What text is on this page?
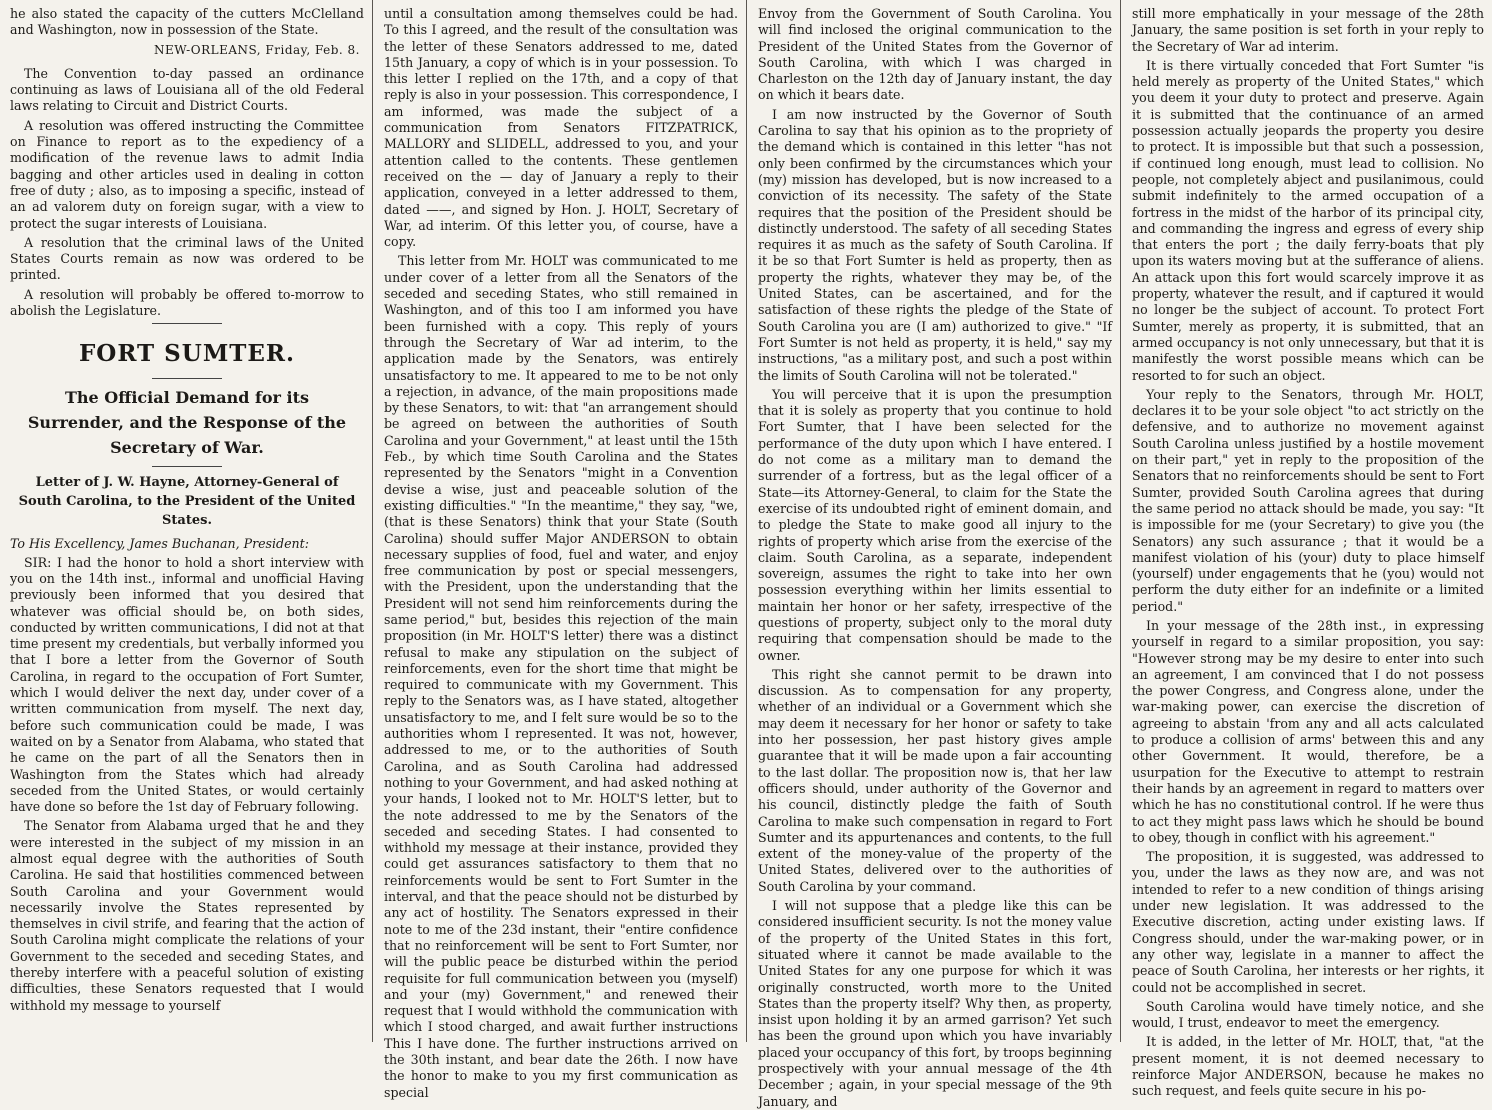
he also stated the capacity of the cutters McClelland and Washington, now in possession of the State.

NEW-ORLEANS, Friday, Feb. 8.

The Convention to-day passed an ordinance continuing as laws of Louisiana all of the old Federal laws relating to Circuit and District Courts.

A resolution was offered instructing the Committee on Finance to report as to the expediency of a modification of the revenue laws to admit India bagging and other articles used in dealing in cotton free of duty ; also, as to imposing a specific, instead of an ad valorem duty on foreign sugar, with a view to protect the sugar interests of Louisiana.

A resolution that the criminal laws of the United States Courts remain as now was ordered to be printed.

A resolution will probably be offered to-morrow to abolish the Legislature.

FORT SUMTER.
The Official Demand for its Surrender, and the Response of the Secretary of War.
Letter of J. W. Hayne, Attorney-General of South Carolina, to the President of the United States.

To His Excellency, James Buchanan, President:

SIR: I had the honor to hold a short interview with you on the 14th inst., informal and unofficial Having previously been informed that you desired that whatever was official should be, on both sides, conducted by written communications, I did not at that time present my credentials, but verbally informed you that I bore a letter from the Governor of South Carolina, in regard to the occupation of Fort Sumter, which I would deliver the next day, under cover of a written communication from myself. The next day, before such communication could be made, I was waited on by a Senator from Alabama, who stated that he came on the part of all the Senators then in Washington from the States which had already seceded from the United States, or would certainly have done so before the 1st day of February following.

The Senator from Alabama urged that he and they were interested in the subject of my mission in an almost equal degree with the authorities of South Carolina. He said that hostilities commenced between South Carolina and your Government would necessarily involve the States represented by themselves in civil strife, and fearing that the action of South Carolina might complicate the relations of your Government to the seceded and seceding States, and thereby interfere with a peaceful solution of existing difficulties, these Senators requested that I would withhold my message to yourself

until a consultation among themselves could be had. To this I agreed, and the result of the consultation was the letter of these Senators addressed to me, dated 15th January, a copy of which is in your possession. To this letter I replied on the 17th, and a copy of that reply is also in your possession. This correspondence, I am informed, was made the subject of a communication from Senators FITZPATRICK, MALLORY and SLIDELL, addressed to you, and your attention called to the contents. These gentlemen received on the — day of January a reply to their application, conveyed in a letter addressed to them, dated ——, and signed by Hon. J. HOLT, Secretary of War, ad interim. Of this letter you, of course, have a copy.

This letter from Mr. HOLT was communicated to me under cover of a letter from all the Senators of the seceded and seceding States, who still remained in Washington, and of this too I am informed you have been furnished with a copy. This reply of yours through the Secretary of War ad interim, to the application made by the Senators, was entirely unsatisfactory to me. It appeared to me to be not only a rejection, in advance, of the main propositions made by these Senators, to wit: that "an arrangement should be agreed on between the authorities of South Carolina and your Government," at least until the 15th Feb., by which time South Carolina and the States represented by the Senators "might in a Convention devise a wise, just and peaceable solution of the existing difficulties." "In the meantime," they say, "we, (that is these Senators) think that your State (South Carolina) should suffer Major ANDERSON to obtain necessary supplies of food, fuel and water, and enjoy free communication by post or special messengers, with the President, upon the understanding that the President will not send him reinforcements during the same period," but, besides this rejection of the main proposition (in Mr. HOLT'S letter) there was a distinct refusal to make any stipulation on the subject of reinforcements, even for the short time that might be required to communicate with my Government. This reply to the Senators was, as I have stated, altogether unsatisfactory to me, and I felt sure would be so to the authorities whom I represented. It was not, however, addressed to me, or to the authorities of South Carolina, and as South Carolina had addressed nothing to your Government, and had asked nothing at your hands, I looked not to Mr. HOLT'S letter, but to the note addressed to me by the Senators of the seceded and seceding States. I had consented to withhold my message at their instance, provided they could get assurances satisfactory to them that no reinforcements would be sent to Fort Sumter in the interval, and that the peace should not be disturbed by any act of hostility. The Senators expressed in their note to me of the 23d instant, their "entire confidence that no reinforcement will be sent to Fort Sumter, nor will the public peace be disturbed within the period requisite for full communication between you (myself) and your (my) Government," and renewed their request that I would withhold the communication with which I stood charged, and await further instructions This I have done. The further instructions arrived on the 30th instant, and bear date the 26th. I now have the honor to make to you my first communication as special

Envoy from the Government of South Carolina. You will find inclosed the original communication to the President of the United States from the Governor of South Carolina, with which I was charged in Charleston on the 12th day of January instant, the day on which it bears date.

I am now instructed by the Governor of South Carolina to say that his opinion as to the propriety of the demand which is contained in this letter "has not only been confirmed by the circumstances which your (my) mission has developed, but is now increased to a conviction of its necessity. The safety of the State requires that the position of the President should be distinctly understood. The safety of all seceding States requires it as much as the safety of South Carolina. If it be so that Fort Sumter is held as property, then as property the rights, whatever they may be, of the United States, can be ascertained, and for the satisfaction of these rights the pledge of the State of South Carolina you are (I am) authorized to give." "If Fort Sumter is not held as property, it is held," say my instructions, "as a military post, and such a post within the limits of South Carolina will not be tolerated."

You will perceive that it is upon the presumption that it is solely as property that you continue to hold Fort Sumter, that I have been selected for the performance of the duty upon which I have entered. I do not come as a military man to demand the surrender of a fortress, but as the legal officer of a State—its Attorney-General, to claim for the State the exercise of its undoubted right of eminent domain, and to pledge the State to make good all injury to the rights of property which arise from the exercise of the claim. South Carolina, as a separate, independent sovereign, assumes the right to take into her own possession everything within her limits essential to maintain her honor or her safety, irrespective of the questions of property, subject only to the moral duty requiring that compensation should be made to the owner.

This right she cannot permit to be drawn into discussion. As to compensation for any property, whether of an individual or a Government which she may deem it necessary for her honor or safety to take into her possession, her past history gives ample guarantee that it will be made upon a fair accounting to the last dollar. The proposition now is, that her law officers should, under authority of the Governor and his council, distinctly pledge the faith of South Carolina to make such compensation in regard to Fort Sumter and its appurtenances and contents, to the full extent of the money-value of the property of the United States, delivered over to the authorities of South Carolina by your command.

I will not suppose that a pledge like this can be considered insufficient security. Is not the money value of the property of the United States in this fort, situated where it cannot be made available to the United States for any one purpose for which it was originally constructed, worth more to the United States than the property itself? Why then, as property, insist upon holding it by an armed garrison? Yet such has been the ground upon which you have invariably placed your occupancy of this fort, by troops beginning prospectively with your annual message of the 4th December ; again, in your special message of the 9th January, and

still more emphatically in your message of the 28th January, the same position is set forth in your reply to the Secretary of War ad interim.

It is there virtually conceded that Fort Sumter "is held merely as property of the United States," which you deem it your duty to protect and preserve. Again it is submitted that the continuance of an armed possession actually jeopards the property you desire to protect. It is impossible but that such a possession, if continued long enough, must lead to collision. No people, not completely abject and pusilanimous, could submit indefinitely to the armed occupation of a fortress in the midst of the harbor of its principal city, and commanding the ingress and egress of every ship that enters the port ; the daily ferry-boats that ply upon its waters moving but at the sufferance of aliens. An attack upon this fort would scarcely improve it as property, whatever the result, and if captured it would no longer be the subject of account. To protect Fort Sumter, merely as property, it is submitted, that an armed occupancy is not only unnecessary, but that it is manifestly the worst possible means which can be resorted to for such an object.

Your reply to the Senators, through Mr. HOLT, declares it to be your sole object "to act strictly on the defensive, and to authorize no movement against South Carolina unless justified by a hostile movement on their part," yet in reply to the proposition of the Senators that no reinforcements should be sent to Fort Sumter, provided South Carolina agrees that during the same period no attack should be made, you say: "It is impossible for me (your Secretary) to give you (the Senators) any such assurance ; that it would be a manifest violation of his (your) duty to place himself (yourself) under engagements that he (you) would not perform the duty either for an indefinite or a limited period."

In your message of the 28th inst., in expressing yourself in regard to a similar proposition, you say: "However strong may be my desire to enter into such an agreement, I am convinced that I do not possess the power Congress, and Congress alone, under the war-making power, can exercise the discretion of agreeing to abstain 'from any and all acts calculated to produce a collision of arms' between this and any other Government. It would, therefore, be a usurpation for the Executive to attempt to restrain their hands by an agreement in regard to matters over which he has no constitutional control. If he were thus to act they might pass laws which he should be bound to obey, though in conflict with his agreement."

The proposition, it is suggested, was addressed to you, under the laws as they now are, and was not intended to refer to a new condition of things arising under new legislation. It was addressed to the Executive discretion, acting under existing laws. If Congress should, under the war-making power, or in any other way, legislate in a manner to affect the peace of South Carolina, her interests or her rights, it could not be accomplished in secret.

South Carolina would have timely notice, and she would, I trust, endeavor to meet the emergency.

It is added, in the letter of Mr. HOLT, that, "at the present moment, it is not deemed necessary to reinforce Major ANDERSON, because he makes no such request, and feels quite secure in his po-
